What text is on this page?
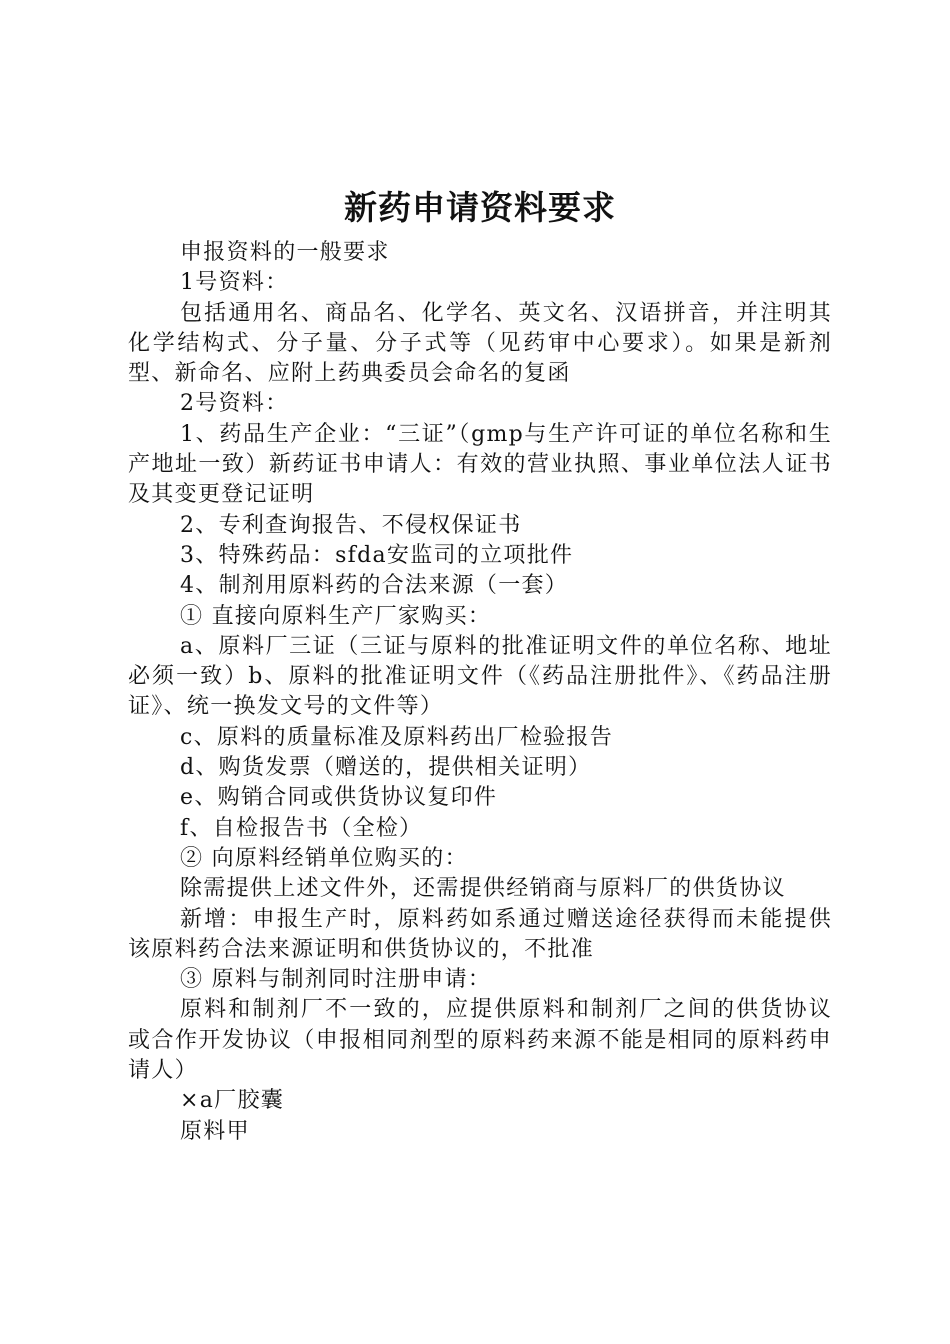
新药申请资料要求

申报资料的一般要求

1号资料：

包括通用名、商品名、化学名、英文名、汉语拼音，并注明其化学结构式、分子量、分子式等（见药审中心要求）。如果是新剂型、新命名、应附上药典委员会命名的复函

2号资料：

1、药品生产企业：“三证”（gmp与生产许可证的单位名称和生产地址一致）新药证书申请人：有效的营业执照、事业单位法人证书及其变更登记证明

2、专利查询报告、不侵权保证书

3、特殊药品：sfda安监司的立项批件

4、制剂用原料药的合法来源（一套）

① 直接向原料生产厂家购买：

a、原料厂三证（三证与原料的批准证明文件的单位名称、地址必须一致）b、原料的批准证明文件（《药品注册批件》、《药品注册证》、统一换发文号的文件等）

c、原料的质量标准及原料药出厂检验报告

d、购货发票（赠送的，提供相关证明）

e、购销合同或供货协议复印件

f、自检报告书（全检）

② 向原料经销单位购买的：

除需提供上述文件外，还需提供经销商与原料厂的供货协议

新增：申报生产时，原料药如系通过赠送途径获得而未能提供该原料药合法来源证明和供货协议的，不批准

③ 原料与制剂同时注册申请：

原料和制剂厂不一致的，应提供原料和制剂厂之间的供货协议或合作开发协议（申报相同剂型的原料药来源不能是相同的原料药申请人）

×a厂胶囊

原料甲
